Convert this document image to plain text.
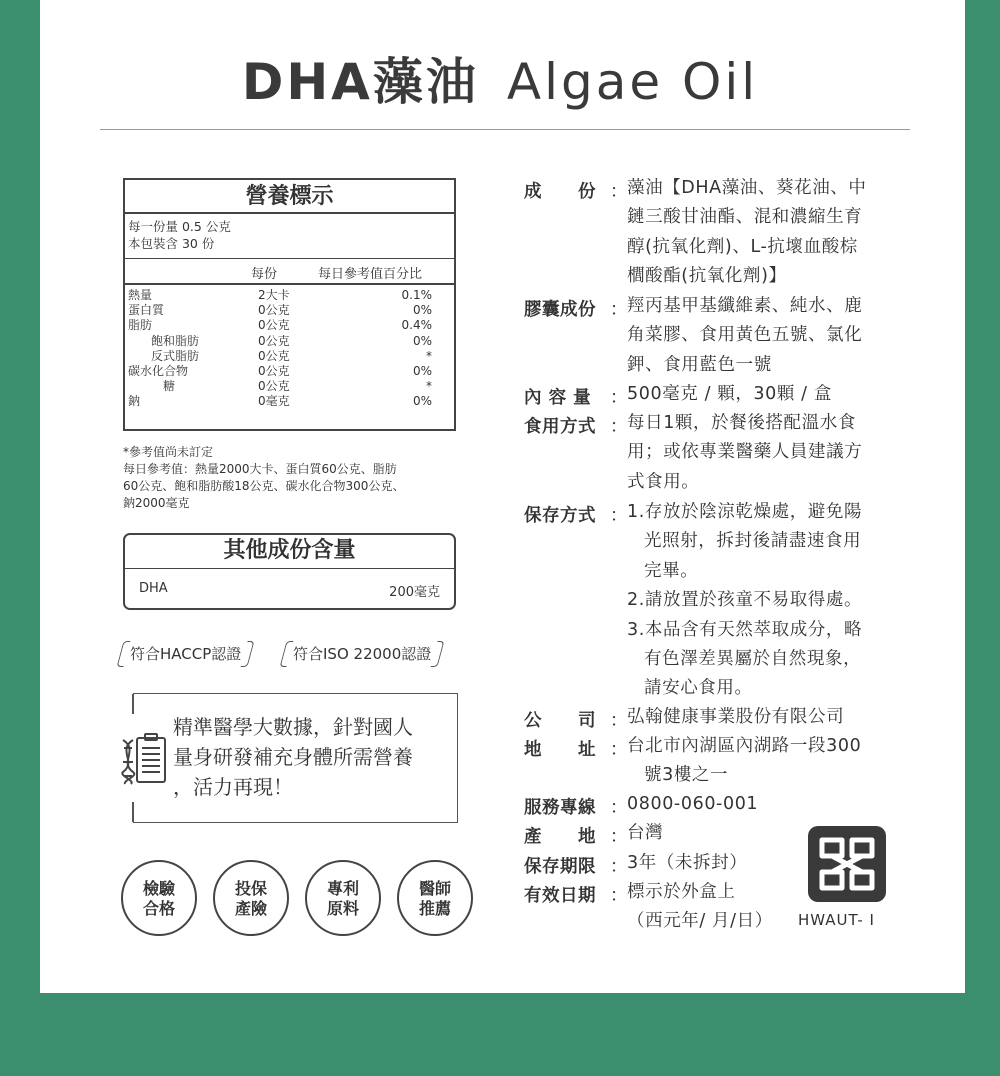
DHA藻油 Algae Oil
營養標示
每一份量 0.5 公克
本包裝含 30 份
每份	每日參考值百分比
熱量	2大卡	0.1%
蛋白質	0公克	0%
脂肪	0公克	0.4%
飽和脂肪	0公克	0%
反式脂肪	0公克	*
碳水化合物	0公克	0%
糖	0公克	*
鈉	0毫克	0%
*參考值尚未訂定
每日參考值：熱量2000大卡、蛋白質60公克、脂肪
60公克、飽和脂肪酸18公克、碳水化合物300公克、
鈉2000毫克
其他成份含量
DHA	200毫克
符合HACCP認證	符合ISO 22000認證
精準醫學大數據，針對國人
量身研發補充身體所需營養
，活力再現！
檢驗
合格
投保
產險
專利
原料
醫師
推薦
成　　份 ： 藻油【DHA藻油、葵花油、中
鏈三酸甘油酯、混和濃縮生育
醇(抗氧化劑)、L-抗壞血酸棕
櫚酸酯(抗氧化劑)】
膠囊成份 ： 羥丙基甲基纖維素、純水、鹿
角菜膠、食用黃色五號、氯化
鉀、食用藍色一號
內 容 量	： 500毫克 / 顆，30顆 / 盒
食用方式 ： 每日1顆，於餐後搭配溫水食
用；或依專業醫藥人員建議方
式食用。
保存方式 ： 1.存放於陰涼乾燥處，避免陽
光照射，拆封後請盡速食用
完畢。
2.請放置於孩童不易取得處。
3.本品含有天然萃取成分，略
有色澤差異屬於自然現象，
請安心食用。
公　　司 ： 弘翰健康事業股份有限公司
地　　址 ： 台北市內湖區內湖路一段300
號3樓之一
服務專線 ： 0800-060-001
產　　地 ： 台灣
保存期限 ： 3年（未拆封）
有效日期 ： 標示於外盒上
（西元年/ 月/日）	HWAUT- I
